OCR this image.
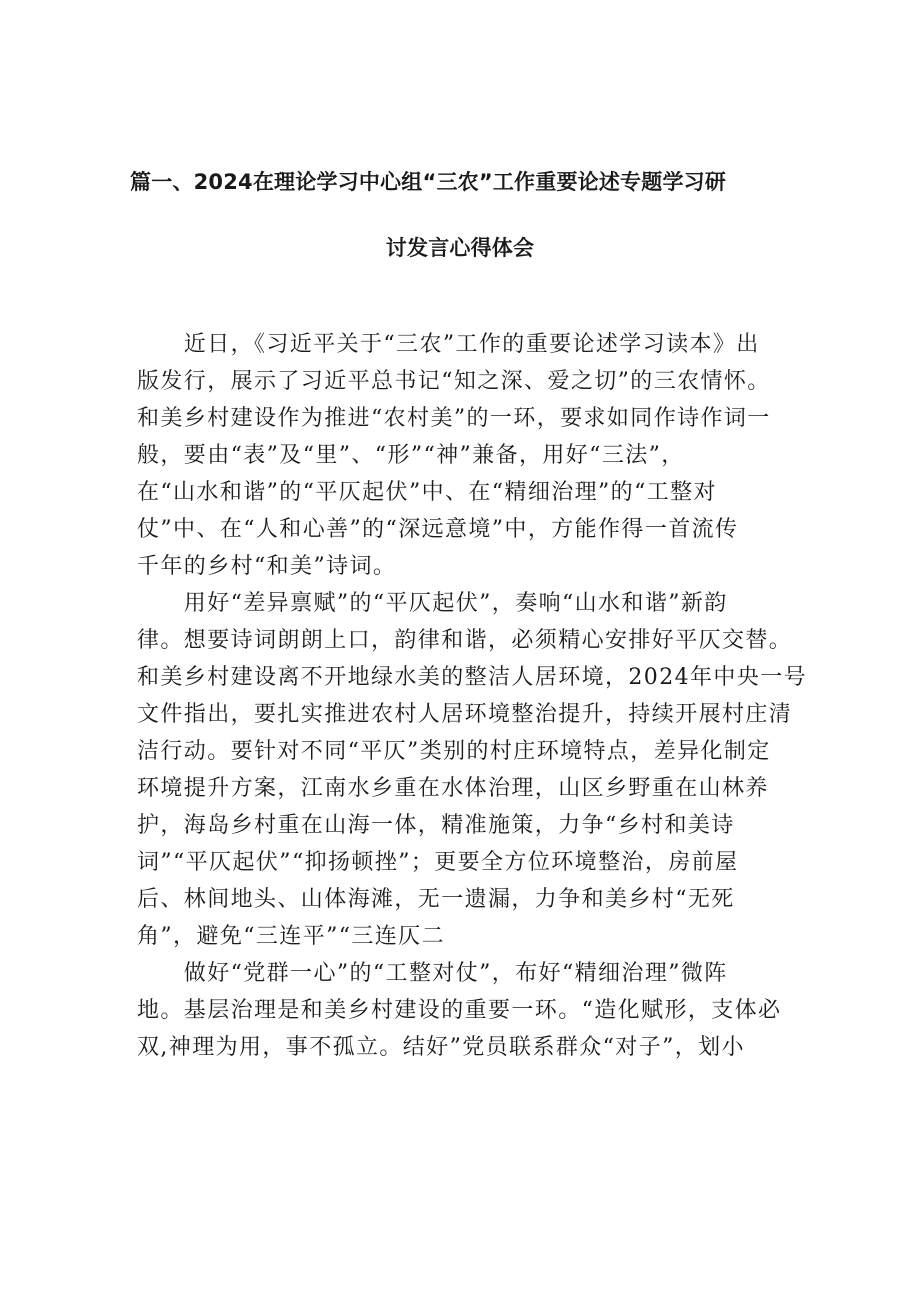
篇一、2024在理论学习中心组“三农”工作重要论述专题学习研
讨发言心得体会
　　近日，《习近平关于“三农”工作的重要论述学习读本》出
版发行，展示了习近平总书记“知之深、爱之切”的三农情怀。
和美乡村建设作为推进“农村美”的一环，要求如同作诗作词一
般，要由“表”及“里”、“形”“神”兼备，用好“三法”，
在“山水和谐”的“平仄起伏”中、在“精细治理”的“工整对
仗”中、在“人和心善”的“深远意境”中，方能作得一首流传
千年的乡村“和美”诗词。
　　用好“差异禀赋”的“平仄起伏”，奏响“山水和谐”新韵
律。想要诗词朗朗上口，韵律和谐，必须精心安排好平仄交替。
和美乡村建设离不开地绿水美的整洁人居环境，2024年中央一号
文件指出，要扎实推进农村人居环境整治提升，持续开展村庄清
洁行动。要针对不同“平仄”类别的村庄环境特点，差异化制定
环境提升方案，江南水乡重在水体治理，山区乡野重在山林养
护，海岛乡村重在山海一体，精准施策，力争“乡村和美诗
词”“平仄起伏”“抑扬顿挫”；更要全方位环境整治，房前屋
后、林间地头、山体海滩，无一遗漏，力争和美乡村“无死
角”，避免“三连平”“三连仄二
　　做好“党群一心”的“工整对仗”，布好“精细治理”微阵
地。基层治理是和美乡村建设的重要一环。“造化赋形，支体必
双,神理为用，事不孤立。结好”党员联系群众“对子”，划小
